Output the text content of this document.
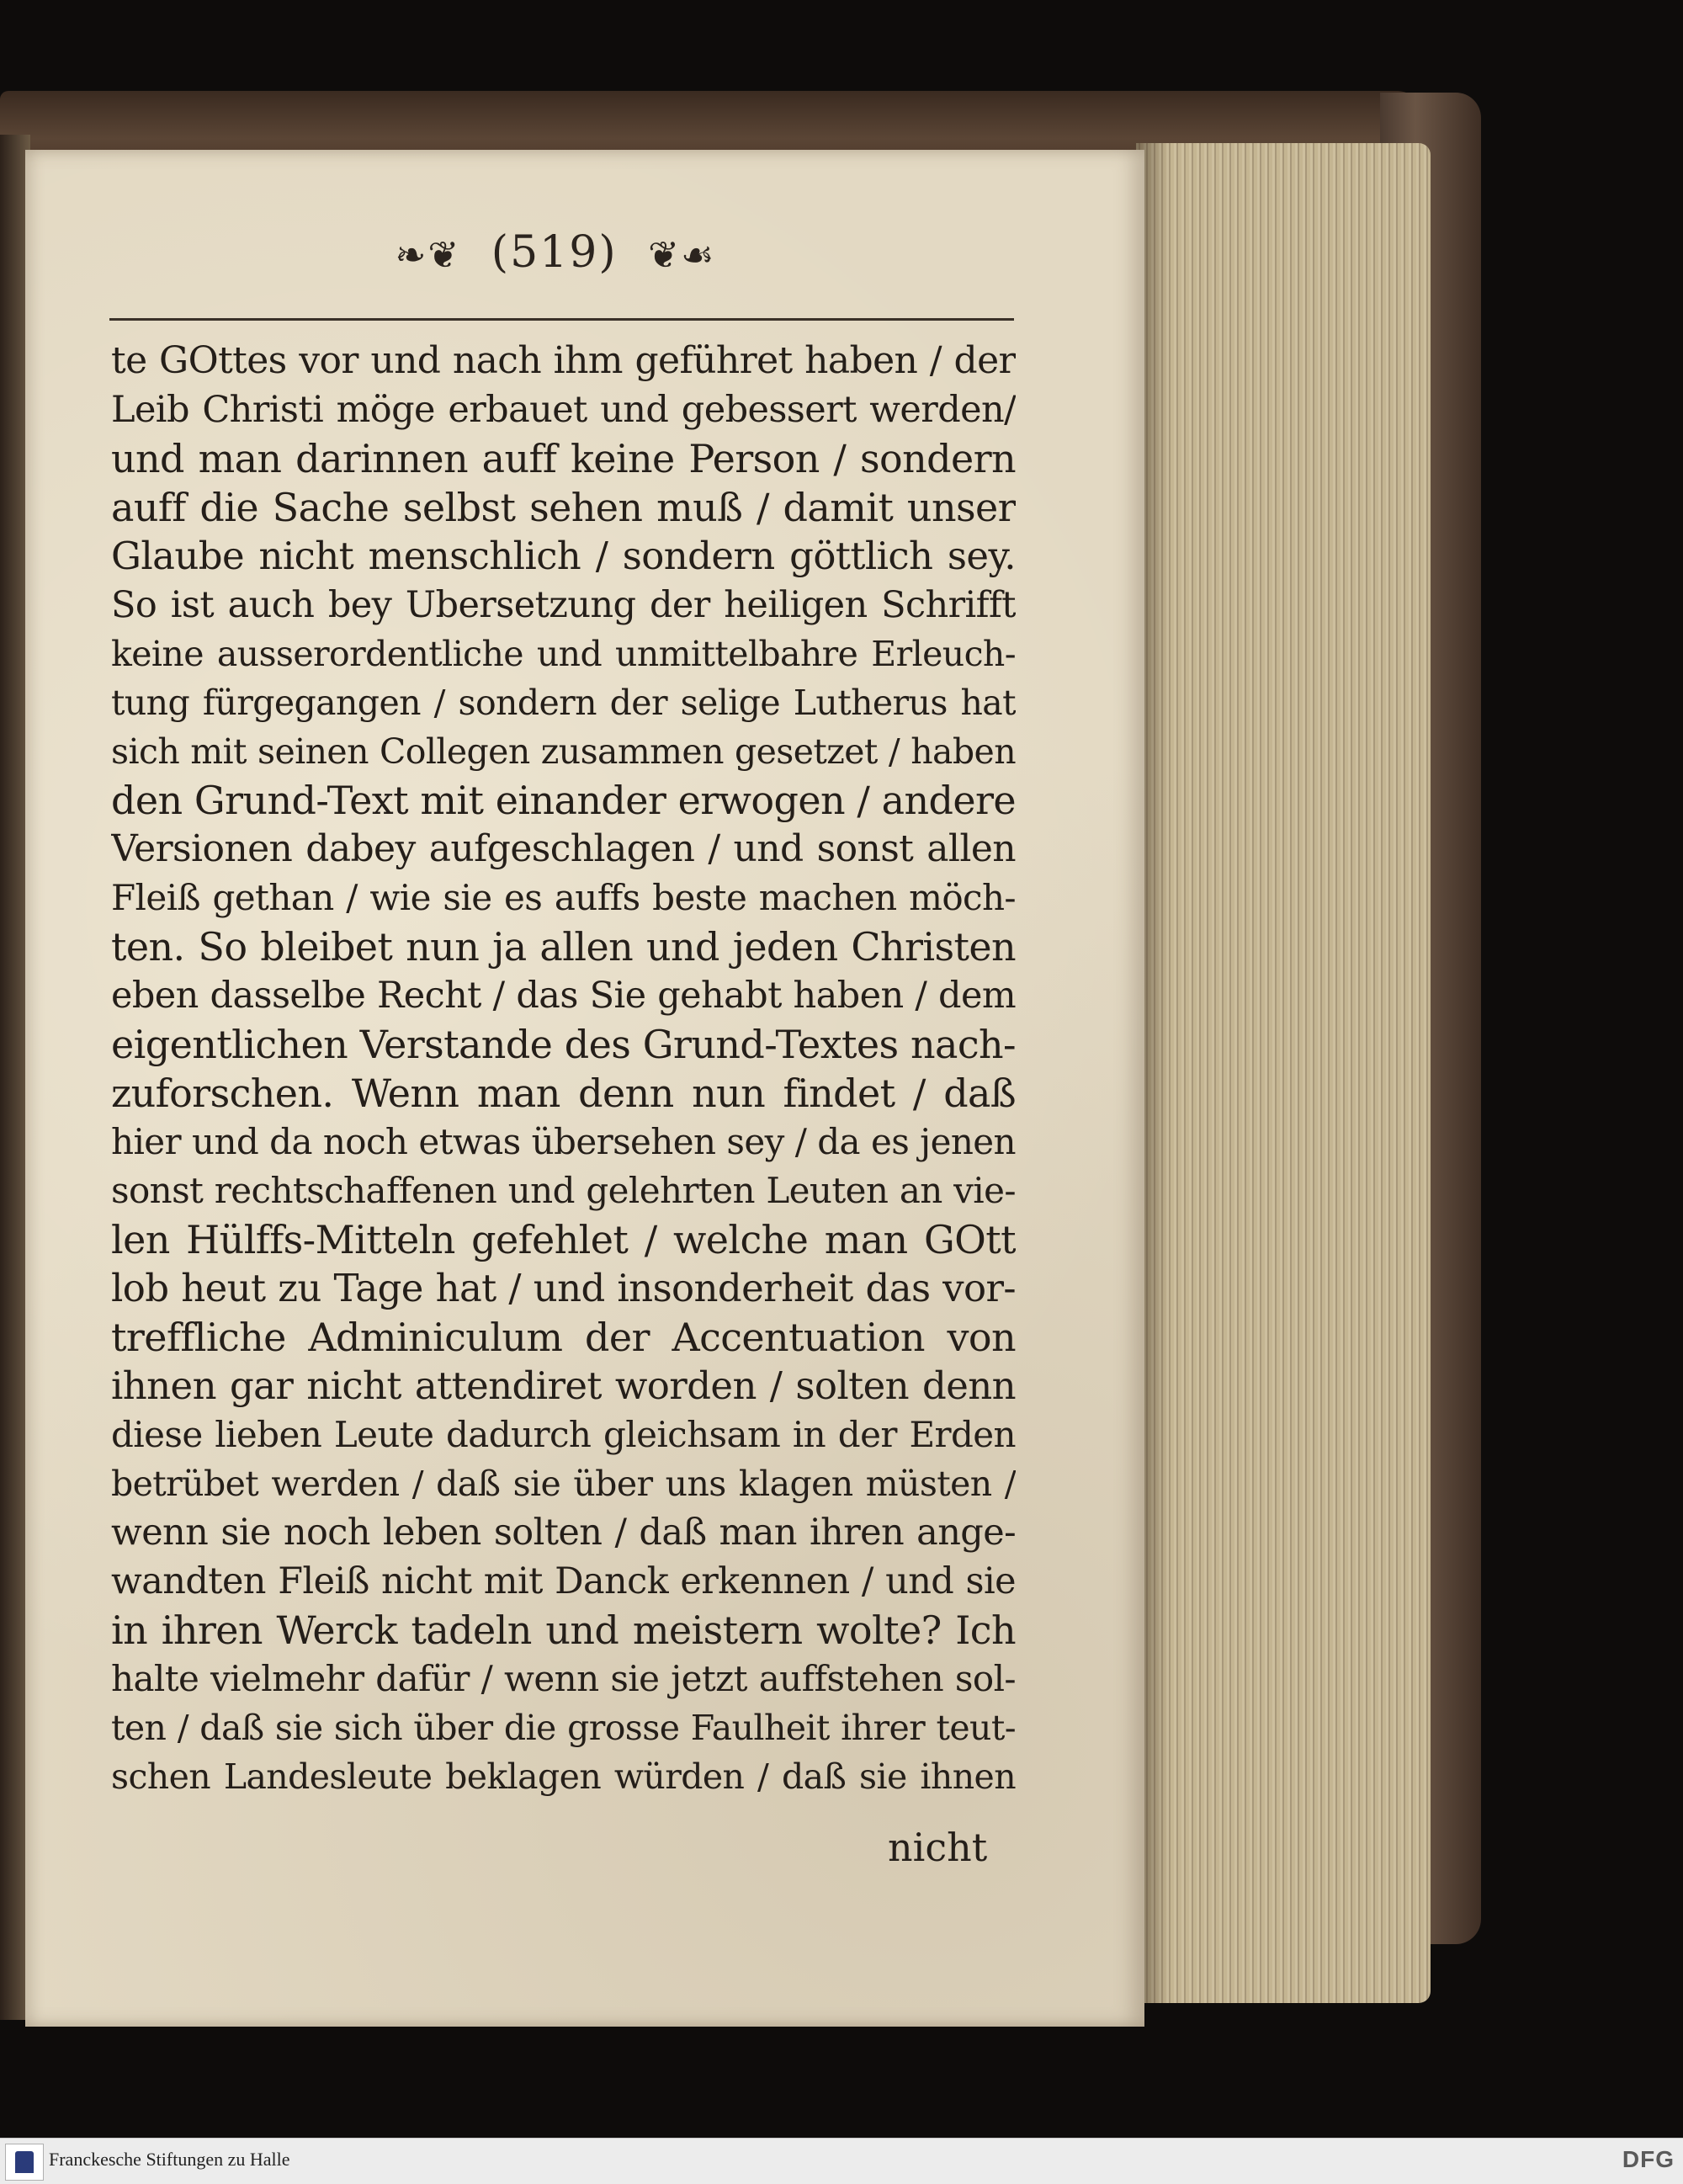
❧❦ (519) ❦☙
te GOttes vor und nach ihm geführet haben / der
Leib Christi möge erbauet und gebessert werden/
und man darinnen auff keine Person / sondern
auff die Sache selbst sehen muß / damit unser
Glaube nicht menschlich / sondern göttlich sey.
So ist auch bey Ubersetzung der heiligen Schrifft
keine ausserordentliche und unmittelbahre Erleuch-
tung fürgegangen / sondern der selige Lutherus hat
sich mit seinen Collegen zusammen gesetzet / haben
den Grund-Text mit einander erwogen / andere
Versionen dabey aufgeschlagen / und sonst allen
Fleiß gethan / wie sie es auffs beste machen möch-
ten. So bleibet nun ja allen und jeden Christen
eben dasselbe Recht / das Sie gehabt haben / dem
eigentlichen Verstande des Grund-Textes nach-
zuforschen. Wenn man denn nun findet / daß
hier und da noch etwas übersehen sey / da es jenen
sonst rechtschaffenen und gelehrten Leuten an vie-
len Hülffs-Mitteln gefehlet / welche man GOtt
lob heut zu Tage hat / und insonderheit das vor-
treffliche Adminiculum der Accentuation von
ihnen gar nicht attendiret worden / solten denn
diese lieben Leute dadurch gleichsam in der Erden
betrübet werden / daß sie über uns klagen müsten /
wenn sie noch leben solten / daß man ihren ange-
wandten Fleiß nicht mit Danck erkennen / und sie
in ihren Werck tadeln und meistern wolte? Ich
halte vielmehr dafür / wenn sie jetzt auffstehen sol-
ten / daß sie sich über die grosse Faulheit ihrer teut-
schen Landesleute beklagen würden / daß sie ihnen
nicht
Franckesche Stiftungen zu Halle	DFG
